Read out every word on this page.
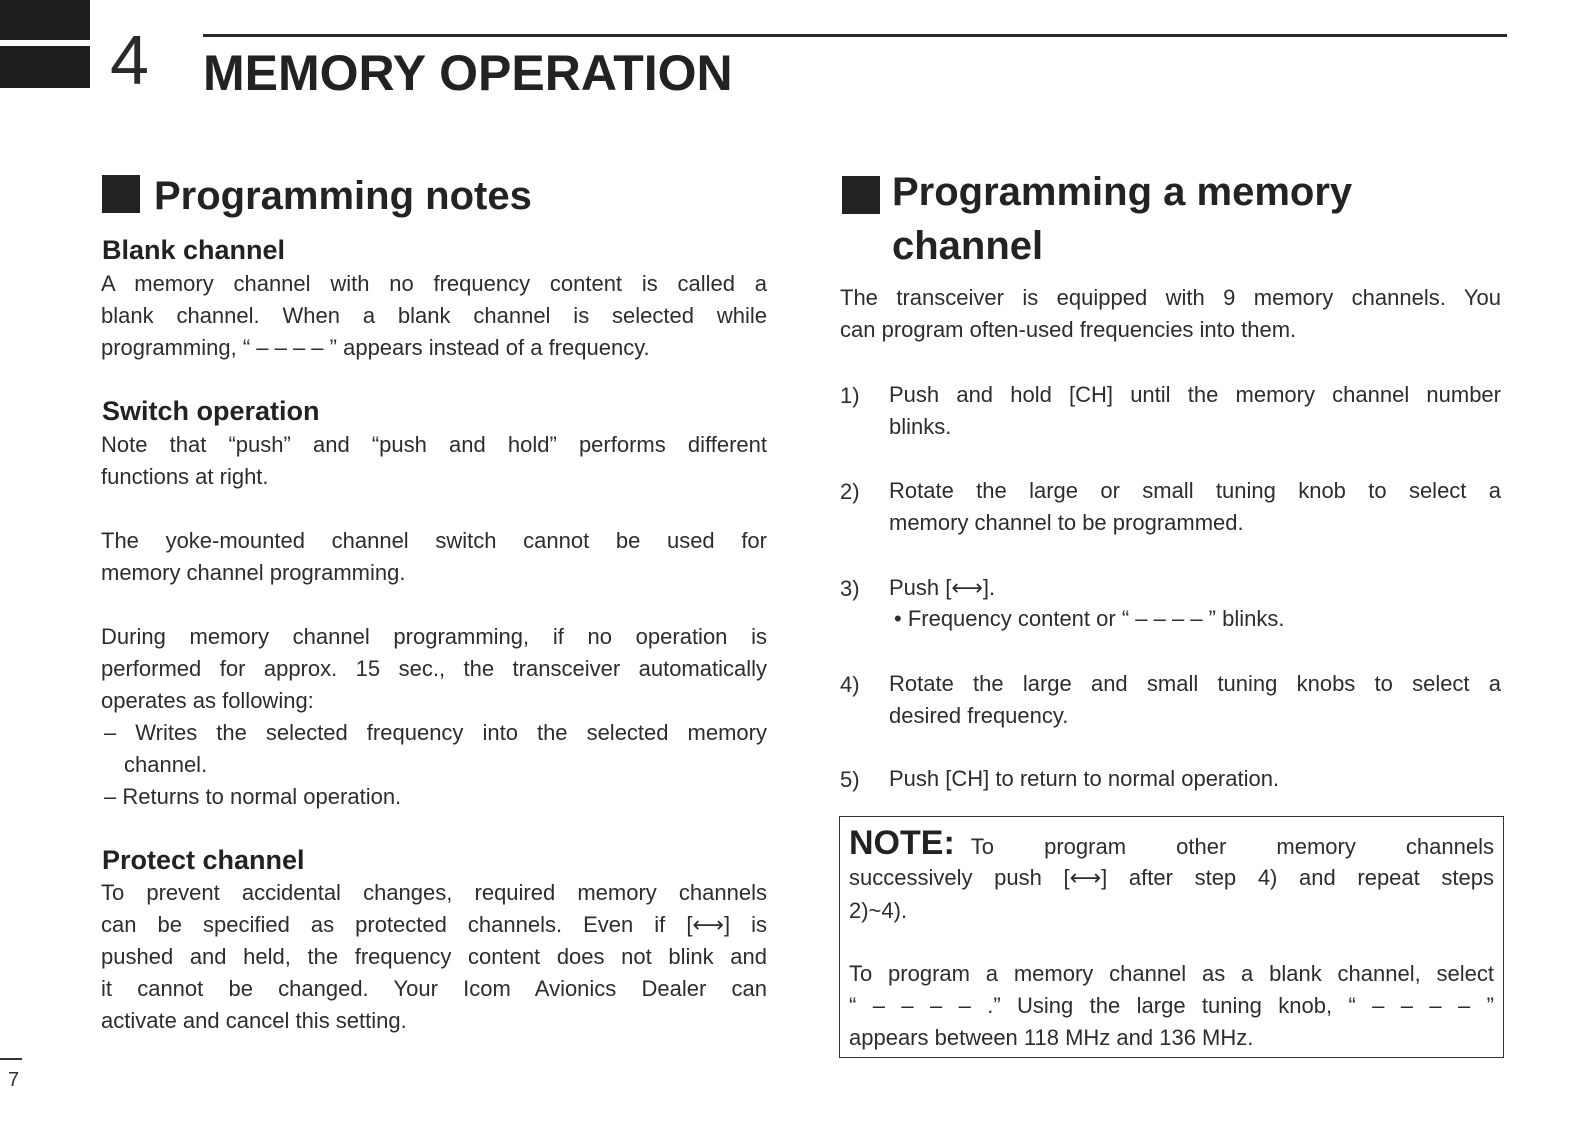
4 MEMORY OPERATION
Programming notes
Blank channel
A memory channel with no frequency content is called a
blank channel. When a blank channel is selected while
programming, “ – – – – ” appears instead of a frequency.
Switch operation
Note that “push” and “push and hold” performs different
functions at right.
The yoke-mounted channel switch cannot be used for
memory channel programming.
During memory channel programming, if no operation is
performed for approx. 15 sec., the transceiver automatically
operates as following:
– Writes the selected frequency into the selected memory
channel.
– Returns to normal operation.
Protect channel
To prevent accidental changes, required memory channels
can be specified as protected channels. Even if [⟷] is
pushed and held, the frequency content does not blink and
it cannot be changed. Your Icom Avionics Dealer can
activate and cancel this setting.
Programming a memory
channel
The transceiver is equipped with 9 memory channels. You
can program often-used frequencies into them.
1) Push and hold [CH] until the memory channel number
blinks.
2) Rotate the large or small tuning knob to select a
memory channel to be programmed.
3) Push [⟷].
• Frequency content or “ – – – – ” blinks.
4) Rotate the large and small tuning knobs to select a
desired frequency.
5) Push [CH] to return to normal operation.
NOTE: To program other memory channels
successively push [⟷] after step 4) and repeat steps
2)~4).
To program a memory channel as a blank channel, select
“ – – – – .” Using the large tuning knob, “ – – – – ”
appears between 118 MHz and 136 MHz.
7
